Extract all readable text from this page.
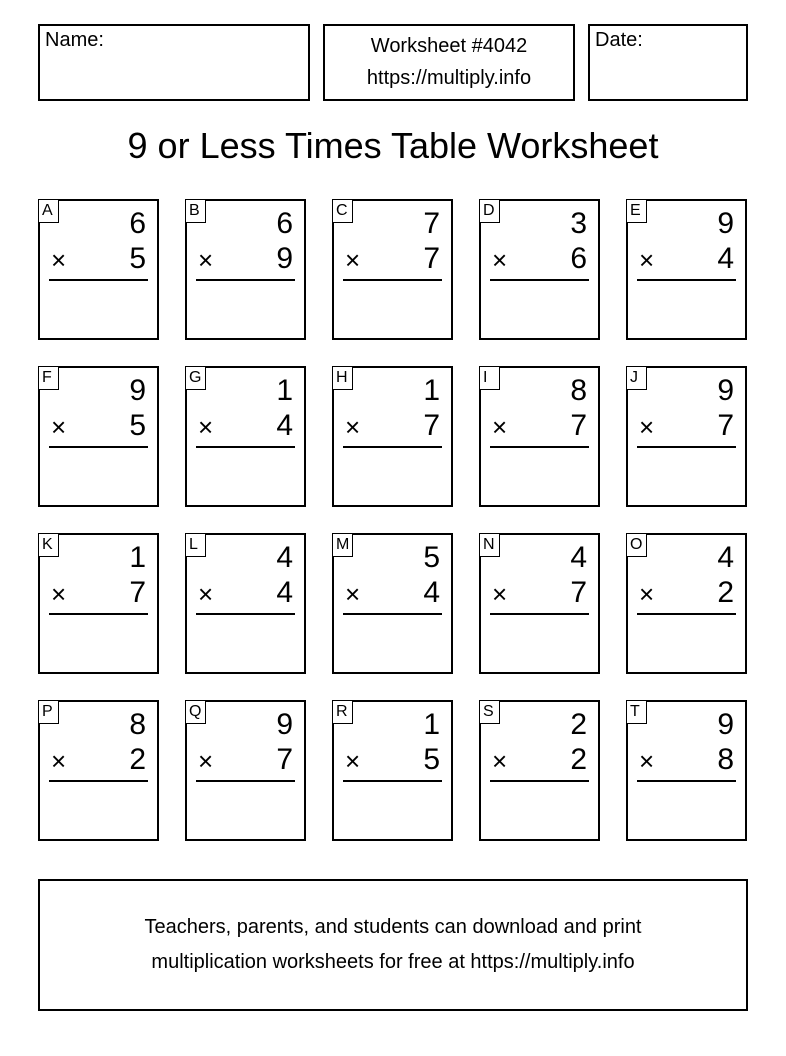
Name:	Worksheet #4042
https://multiply.info
Date:
9 or Less Times Table Worksheet
A	6
× 5
B	6
× 9
C	7
× 7
D	3
× 6
E	9
× 4
F	9
× 5
G 1
× 4
H	1
× 7
I	8
× 7
J	9
× 7
K	1
× 7
L	4
× 4
M 5
× 4
N	4
× 7
O 4
× 2
P	8
× 2
Q 9
× 7
R	1
× 5
S	2
× 2
T	9
× 8
Teachers, parents, and students can download and print
multiplication worksheets for free at https://multiply.info
